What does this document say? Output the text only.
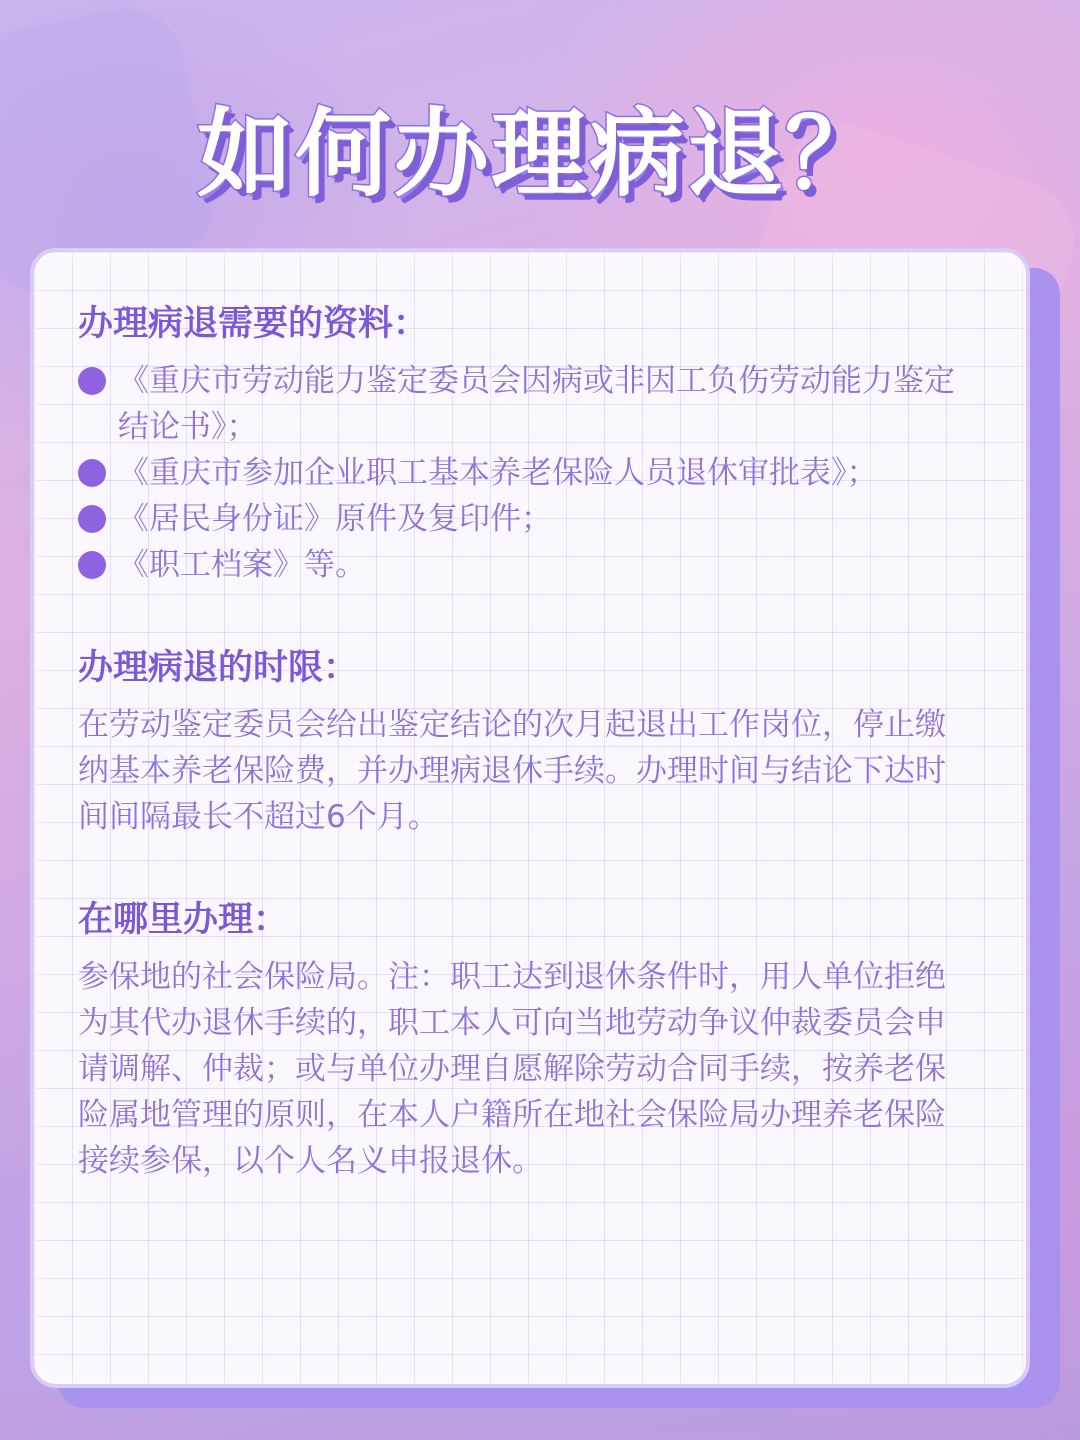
如何办理病退？
办理病退需要的资料：
《重庆市劳动能力鉴定委员会因病或非因工负伤劳动能力鉴定结论书》；
《重庆市参加企业职工基本养老保险人员退休审批表》；
《居民身份证》原件及复印件；
《职工档案》等。
办理病退的时限：

在劳动鉴定委员会给出鉴定结论的次月起退出工作岗位，停止缴纳基本养老保险费，并办理病退休手续。办理时间与结论下达时间间隔最长不超过6个月。

在哪里办理：

参保地的社会保险局。注：职工达到退休条件时，用人单位拒绝为其代办退休手续的，职工本人可向当地劳动争议仲裁委员会申请调解、仲裁；或与单位办理自愿解除劳动合同手续，按养老保险属地管理的原则，在本人户籍所在地社会保险局办理养老保险接续参保，以个人名义申报退休。
